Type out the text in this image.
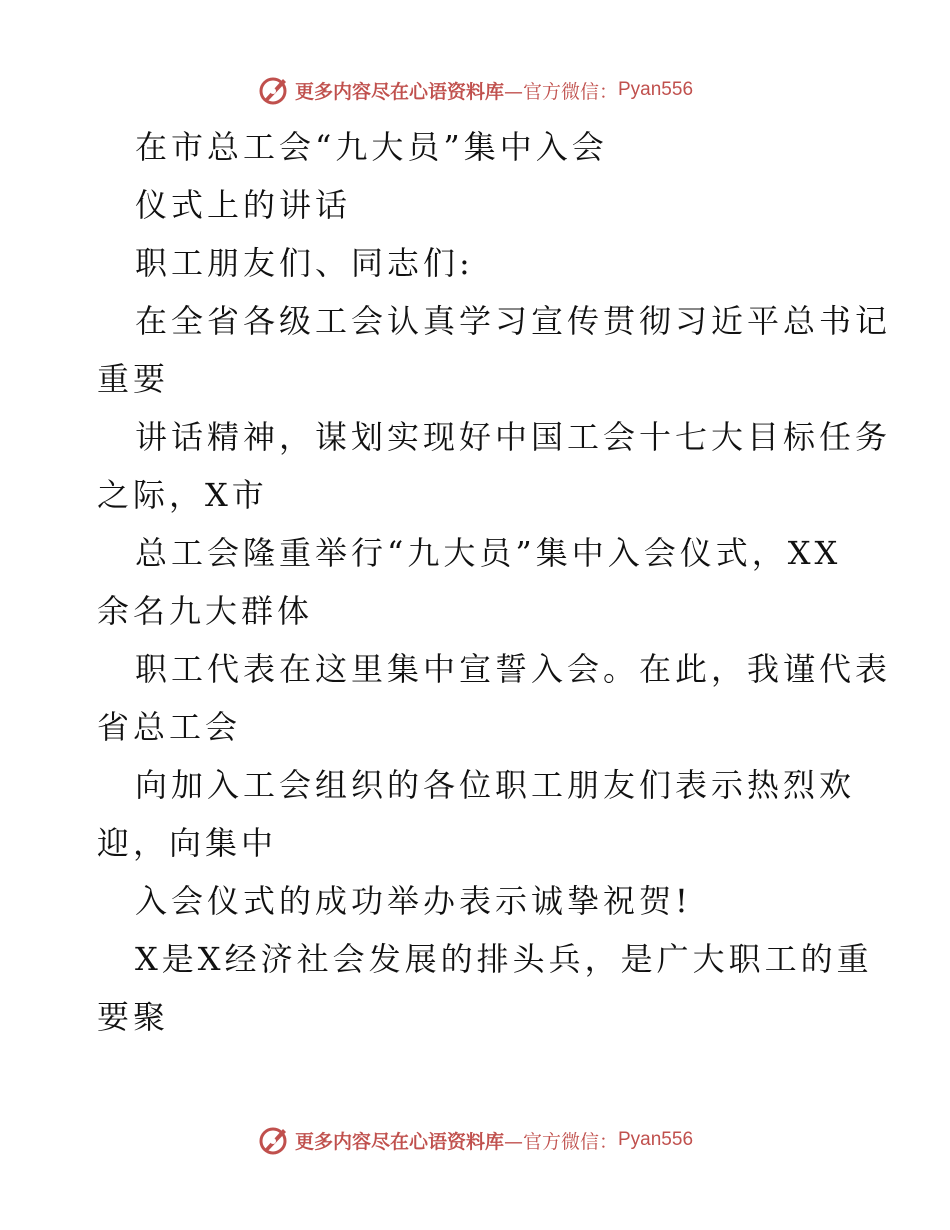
更多内容尽在心语资料库 —官方微信： Pyan556
在市总工会“九大员”集中入会
仪式上的讲话
职工朋友们、同志们:
在全省各级工会认真学习宣传贯彻习近平总书记
重要
讲话精神，谋划实现好中国工会十七大目标任务
之际，X市
总工会隆重举行“九大员”集中入会仪式，XX
余名九大群体
职工代表在这里集中宣誓入会。在此，我谨代表
省总工会
向加入工会组织的各位职工朋友们表示热烈欢
迎，向集中
入会仪式的成功举办表示诚挚祝贺!
X是X经济社会发展的排头兵，是广大职工的重
要聚
更多内容尽在心语资料库 —官方微信： Pyan556
